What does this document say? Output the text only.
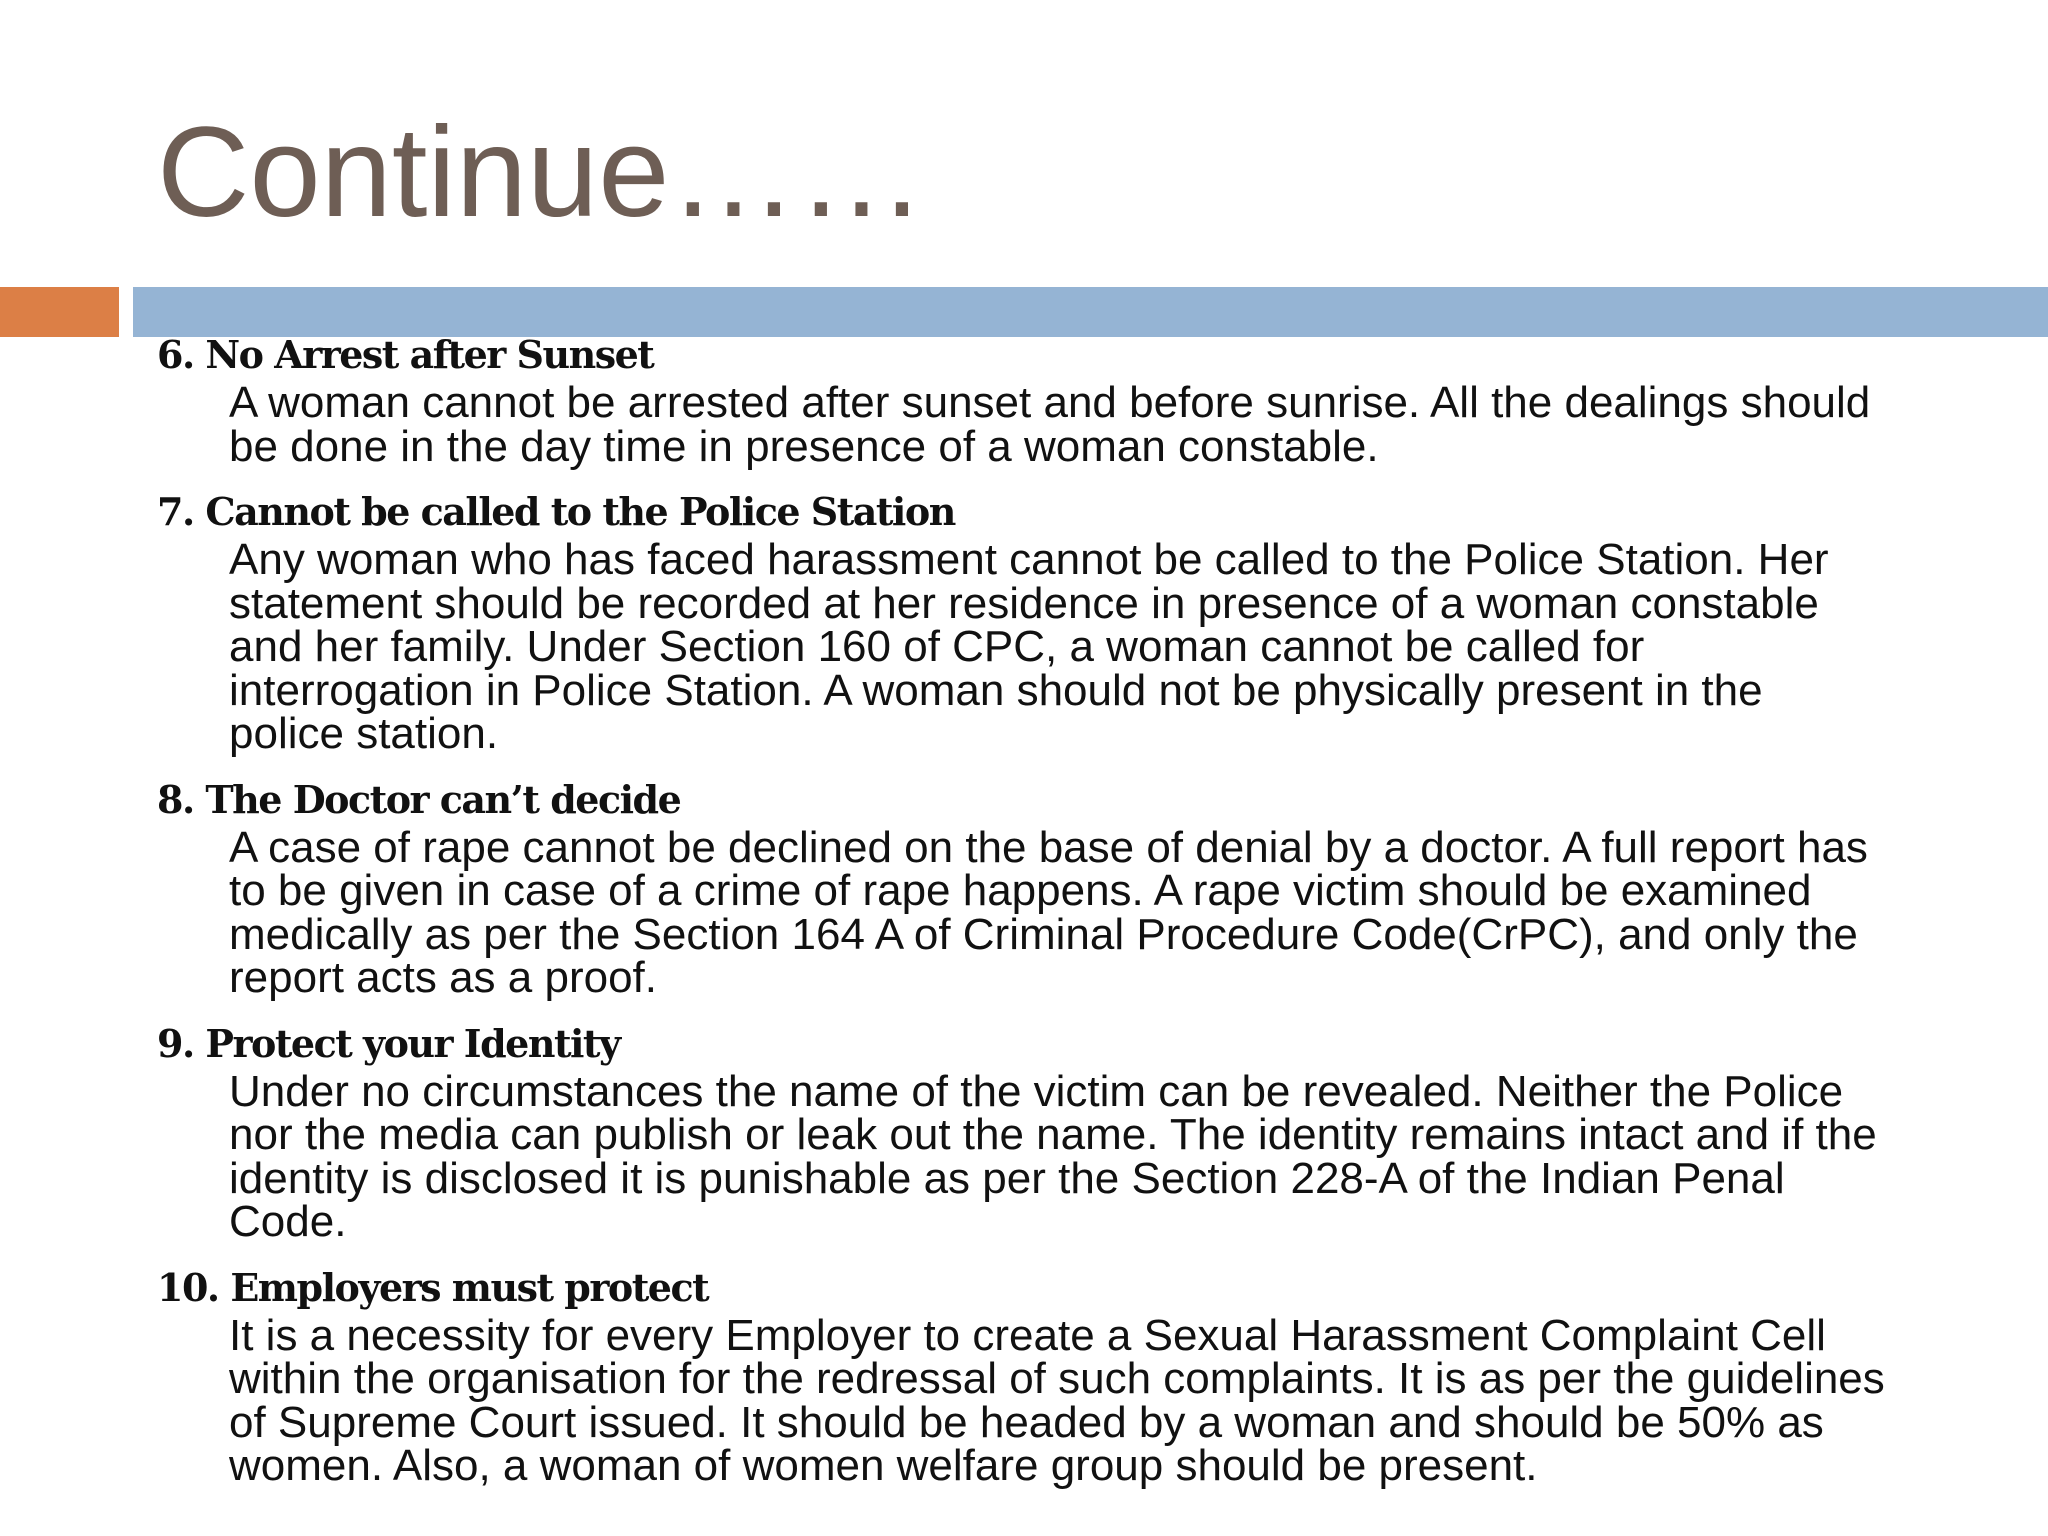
Continue……

6. No Arrest after Sunset

A woman cannot be arrested after sunset and before sunrise. All the dealings should
be done in the day time in presence of a woman constable.

7. Cannot be called to the Police Station

Any woman who has faced harassment cannot be called to the Police Station. Her
statement should be recorded at her residence in presence of a woman constable
and her family. Under Section 160 of CPC, a woman cannot be called for
interrogation in Police Station. A woman should not be physically present in the
police station.

8. The Doctor can’t decide

A case of rape cannot be declined on the base of denial by a doctor. A full report has
to be given in case of a crime of rape happens. A rape victim should be examined
medically as per the Section 164 A of Criminal Procedure Code(CrPC), and only the
report acts as a proof.

9. Protect your Identity

Under no circumstances the name of the victim can be revealed. Neither the Police
nor the media can publish or leak out the name. The identity remains intact and if the
identity is disclosed it is punishable as per the Section 228-A of the Indian Penal
Code.

10. Employers must protect

It is a necessity for every Employer to create a Sexual Harassment Complaint Cell
within the organisation for the redressal of such complaints. It is as per the guidelines
of Supreme Court issued. It should be headed by a woman and should be 50% as
women. Also, a woman of women welfare group should be present.
